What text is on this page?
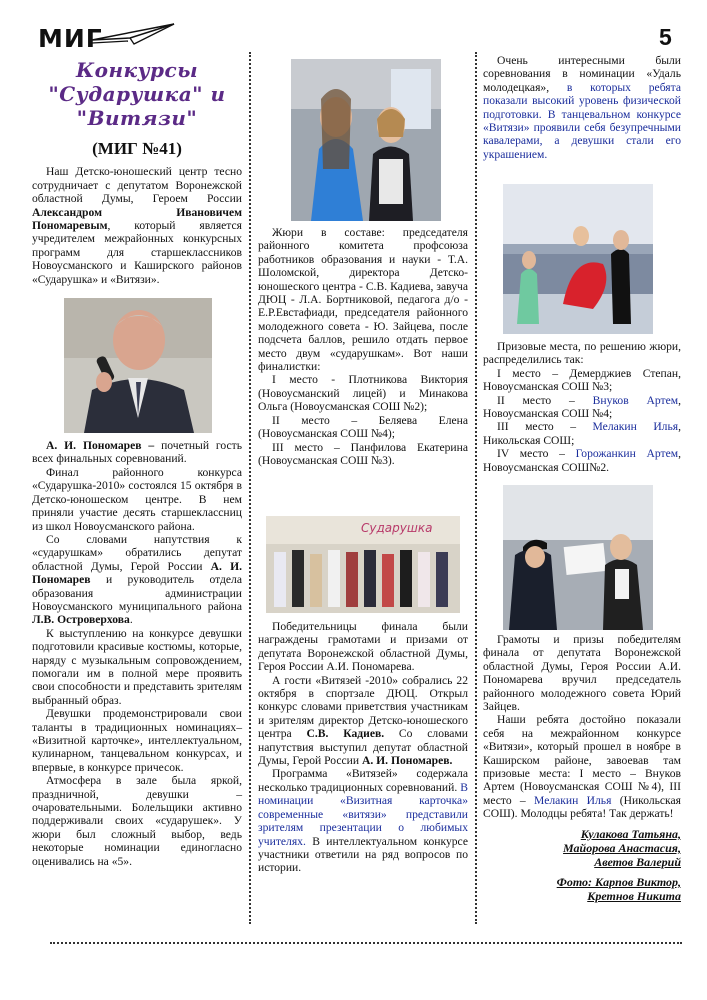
МИГ	5
Конкурсы
"Сударушка" и "Витязи"
(МИГ №41)

Наш Детско-юношеский центр тесно сотрудничает с депутатом Воронежской областной Думы, Героем России Александром Ивановичем Пономаревым, который является учредителем межрайонных конкурсных программ для старшеклассников Новоусманского и Каширского районов «Сударушка» и «Витязи».

А. И. Пономарев – почетный гость всех финальных соревнований.

Финал районного конкурса «Сударушка-2010» состоялся 15 октября в Детско-юношеском центре. В нем приняли участие десять старшеклассниц из школ Новоусманского района.

Со словами напутствия к «сударушкам» обратились депутат областной Думы, Герой России А. И. Пономарев и руководитель отдела образования администрации Новоусманского муниципального района Л.В. Островерхова.

К выступлению на конкурсе девушки подготовили красивые костюмы, которые, наряду с музыкальным сопровождением, помогали им в полной мере проявить свои способности и представить зрителям выбранный образ.

Девушки продемонстрировали свои таланты в традиционных номинациях– «Визитной карточке», интеллектуальном, кулинарном, танцевальном конкурсах, и впервые, в конкурсе причесок.

Атмосфера в зале была яркой, праздничной, девушки – очаровательными. Болельщики активно поддерживали своих «сударушек». У жюри был сложный выбор, ведь некоторые номинации единогласно оценивались на «5».

Жюри в составе: председателя районного комитета профсоюза работников образования и науки - Т.А. Шоломской, директора Детско-юношеского центра - С.В. Кадиева, завуча ДЮЦ - Л.А. Бортниковой, педагога д/о - Е.Р.Евстафиади, председателя районного молодежного совета - Ю. Зайцева, после подсчета баллов, решило отдать первое место двум «сударушкам». Вот наши финалистки:

I место - Плотникова Виктория (Новоусманский лицей) и Минакова Ольга (Новоусманская СОШ №2);

II место – Беляева Елена (Новоусманская СОШ №4);

III место – Панфилова Екатерина (Новоусманская СОШ №3).

Сударушка

Победительницы финала были награждены грамотами и призами от депутата Воронежской областной Думы, Героя России А.И. Пономарева.

А гости «Витязей -2010» собрались 22 октября в спортзале ДЮЦ. Открыл конкурс словами приветствия участникам и зрителям директор Детско-юношеского центра С.В. Кадиев. Со словами напутствия выступил депутат областной Думы, Герой России А. И. Пономарев.

Программа «Витязей» содержала несколько традиционных соревнований. В номинации «Визитная карточка» современные «витязи» представили зрителям презентации о любимых учителях. В интеллектуальном конкурсе участники ответили на ряд вопросов по истории.

Очень интересными были соревнования в номинации «Удаль молодецкая», в которых ребята показали высокий уровень физической подготовки. В танцевальном конкурсе «Витязи» проявили себя безупречными кавалерами, а девушки стали его украшением.

Призовые места, по решению жюри, распределились так:

I место – Демерджиев Степан, Новоусманская СОШ №3;

II место – Внуков Артем, Новоусманская СОШ №4;

III место – Мелакин Илья, Никольская СОШ;

IV место – Горожанкин Артем, Новоусманская СОШ№2.

Грамоты и призы победителям финала от депутата Воронежской областной Думы, Героя России А.И. Пономарева вручил председатель районного молодежного совета Юрий Зайцев.

Наши ребята достойно показали себя на межрайонном конкурсе «Витязи», который прошел в ноябре в Каширском районе, завоевав там призовые места: I место – Внуков Артем (Новоусманская СОШ №4), III место – Мелакин Илья (Никольская СОШ). Молодцы ребята! Так держать!

Кулакова Татьяна,
Майорова Анастасия,
Аветов Валерий
Фото: Карпов Виктор,
Кретнов Никита
